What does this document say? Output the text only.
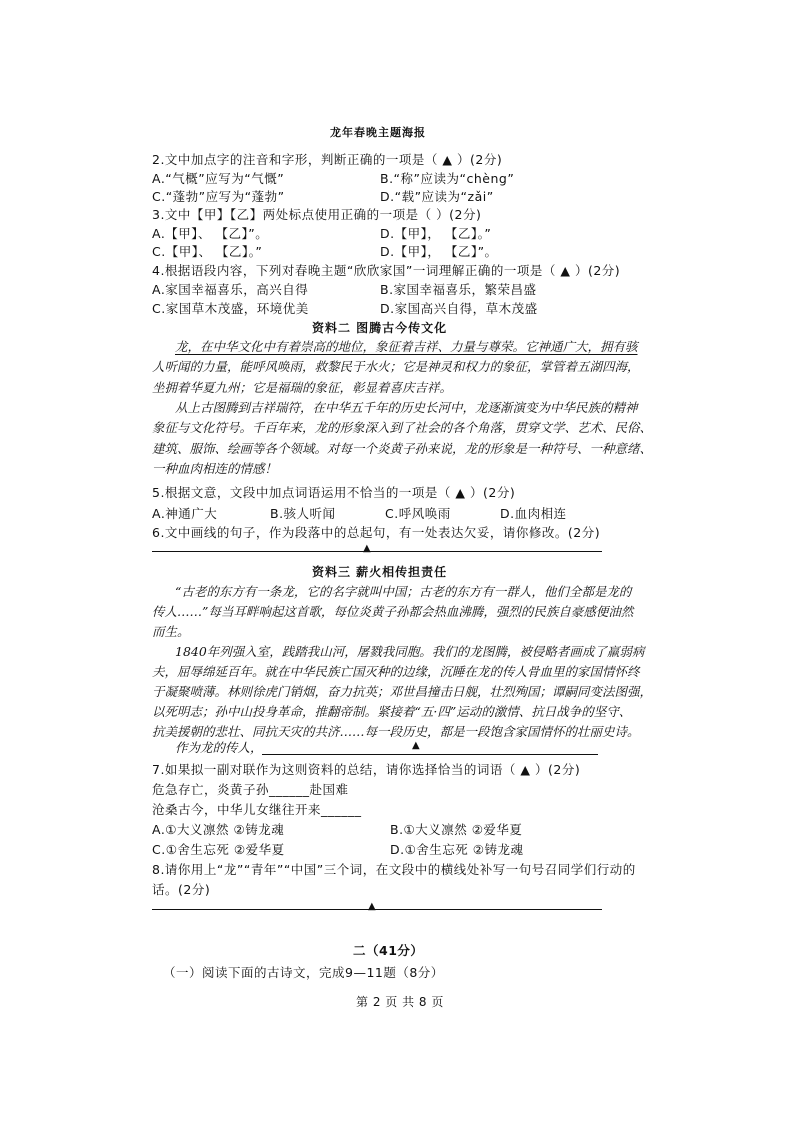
龙年春晚主题海报
2.文中加点字的注音和字形，判断正确的一项是（ ▲ ）(2分)
A.“气概”应写为“气慨”	B.“称”应读为“chèng”
C.“蓬勃”应写为“蓬勃”	D.“载”应读为“zǎi”
3.文中【甲】【乙】两处标点使用正确的一项是（ ）(2分)
A.【甲】、 【乙】”。	D.【甲】， 【乙】。”
C.【甲】、 【乙】。”	D.【甲】， 【乙】”。
4.根据语段内容，下列对春晚主题“欣欣家国”一词理解正确的一项是（ ▲ ）(2分)
A.家国幸福喜乐，高兴自得	B.家国幸福喜乐，繁荣昌盛
C.家国草木茂盛，环境优美	D.家国高兴自得，草木茂盛
资料二 图腾古今传文化
龙，在中华文化中有着崇高的地位，象征着吉祥、力量与尊荣。它神通广大，拥有骇
人听闻的力量，能呼风唤雨，救黎民于水火；它是神灵和权力的象征，掌管着五湖四海，
坐拥着华夏九州；它是福瑞的象征，彰显着喜庆吉祥。
从上古图腾到吉祥瑞符，在中华五千年的历史长河中，龙逐渐演变为中华民族的精神
象征与文化符号。千百年来，龙的形象深入到了社会的各个角落，贯穿文学、艺术、民俗、
建筑、服饰、绘画等各个领域。对每一个炎黄子孙来说，龙的形象是一种符号、一种意绪、
一种血肉相连的情感！
5.根据文意，文段中加点词语运用不恰当的一项是（ ▲ ）(2分)
A.神通广大	B.骇人听闻	C.呼风唤雨	D.血肉相连
6.文中画线的句子，作为段落中的总起句，有一处表达欠妥，请你修改。(2分)
▲
资料三 薪火相传担责任
“古老的东方有一条龙，它的名字就叫中国；古老的东方有一群人，他们全都是龙的
传人……”每当耳畔响起这首歌，每位炎黄子孙都会热血沸腾，强烈的民族自豪感便油然
而生。
1840年列强入室，践踏我山河，屠戮我同胞。我们的龙图腾，被侵略者画成了羸弱病
夫，屈辱绵延百年。就在中华民族亡国灭种的边缘，沉睡在龙的传人骨血里的家国情怀终
于凝聚喷薄。林则徐虎门销烟，奋力抗英；邓世昌撞击日舰，壮烈殉国；谭嗣同变法图强，
以死明志；孙中山投身革命，推翻帝制。紧接着“五·四”运动的激情、抗日战争的坚守、
抗美援朝的悲壮、同抗天灾的共济……每一段历史，都是一段饱含家国情怀的壮丽史诗。
作为龙的传人，	▲
7.如果拟一副对联作为这则资料的总结，请你选择恰当的词语（ ▲ ）(2分)
危急存亡，炎黄子孙______赴国难
沧桑古今，中华儿女继往开来______
A.①大义凛然 ②铸龙魂	B.①大义凛然 ②爱华夏
C.①舍生忘死 ②爱华夏	D.①舍生忘死 ②铸龙魂
8.请你用上“龙”“青年”“中国”三个词，在文段中的横线处补写一句号召同学们行动的
话。(2分)
▲
二（41分）
（一）阅读下面的古诗文，完成9—11题（8分）
第 2 页 共 8 页
